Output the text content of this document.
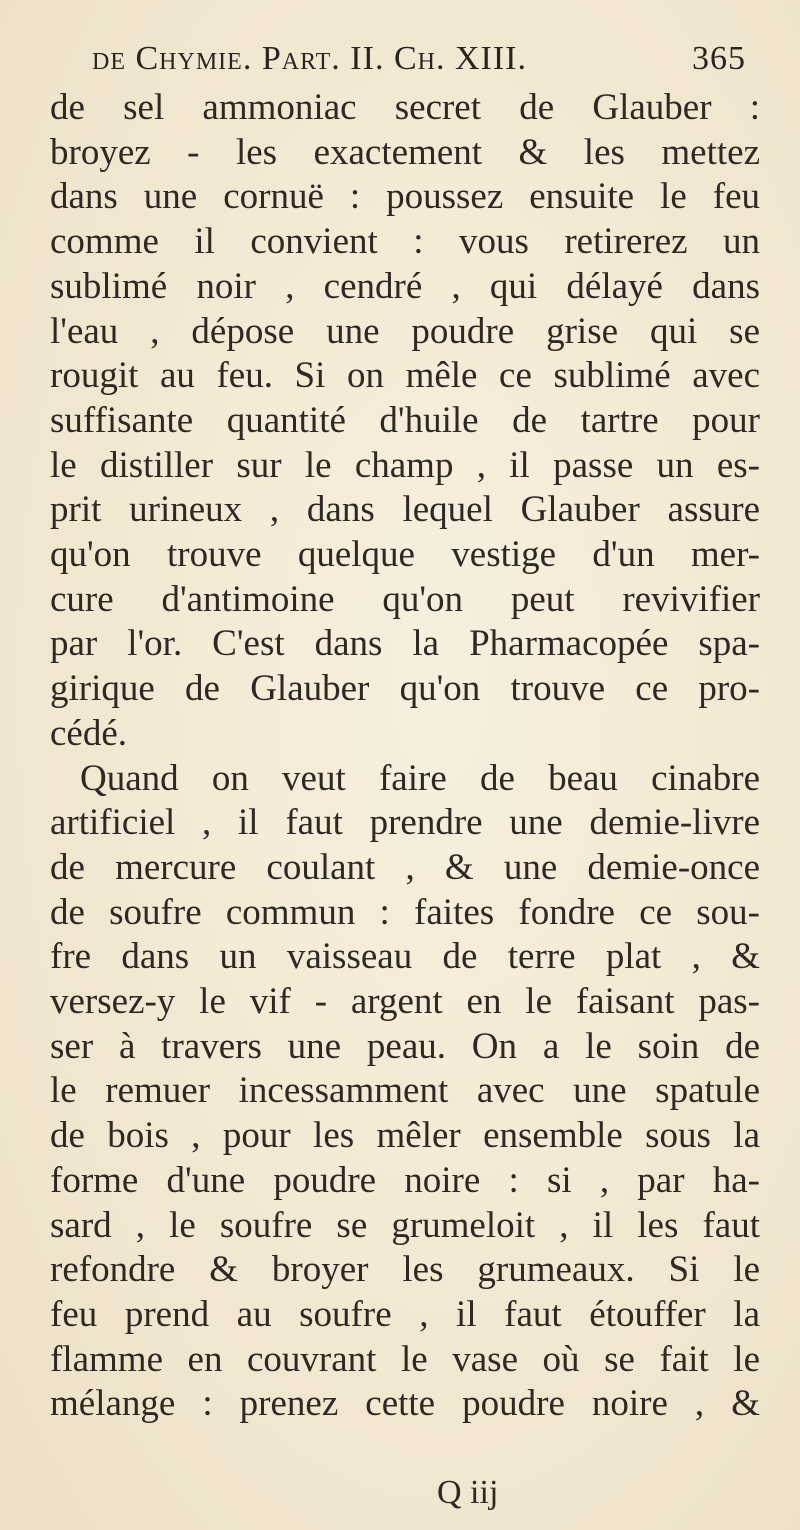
de Chymie. Part. II. Ch. XIII.	365
de sel ammoniac secret de Glauber :
broyez - les exactement & les mettez
dans une cornuë : poussez ensuite le feu
comme il convient : vous retirerez un
sublimé noir , cendré , qui délayé dans
l'eau , dépose une poudre grise qui se
rougit au feu. Si on mêle ce sublimé avec
suffisante quantité d'huile de tartre pour
le distiller sur le champ , il passe un es-
prit urineux , dans lequel Glauber assure
qu'on trouve quelque vestige d'un mer-
cure d'antimoine qu'on peut revivifier
par l'or. C'est dans la Pharmacopée spa-
girique de Glauber qu'on trouve ce pro-
cédé.
Quand on veut faire de beau cinabre
artificiel , il faut prendre une demie-livre
de mercure coulant , & une demie-once
de soufre commun : faites fondre ce sou-
fre dans un vaisseau de terre plat , &
versez-y le vif - argent en le faisant pas-
ser à travers une peau. On a le soin de
le remuer incessamment avec une spatule
de bois , pour les mêler ensemble sous la
forme d'une poudre noire : si , par ha-
sard , le soufre se grumeloit , il les faut
refondre & broyer les grumeaux. Si le
feu prend au soufre , il faut étouffer la
flamme en couvrant le vase où se fait le
mélange : prenez cette poudre noire , &
Q iij
